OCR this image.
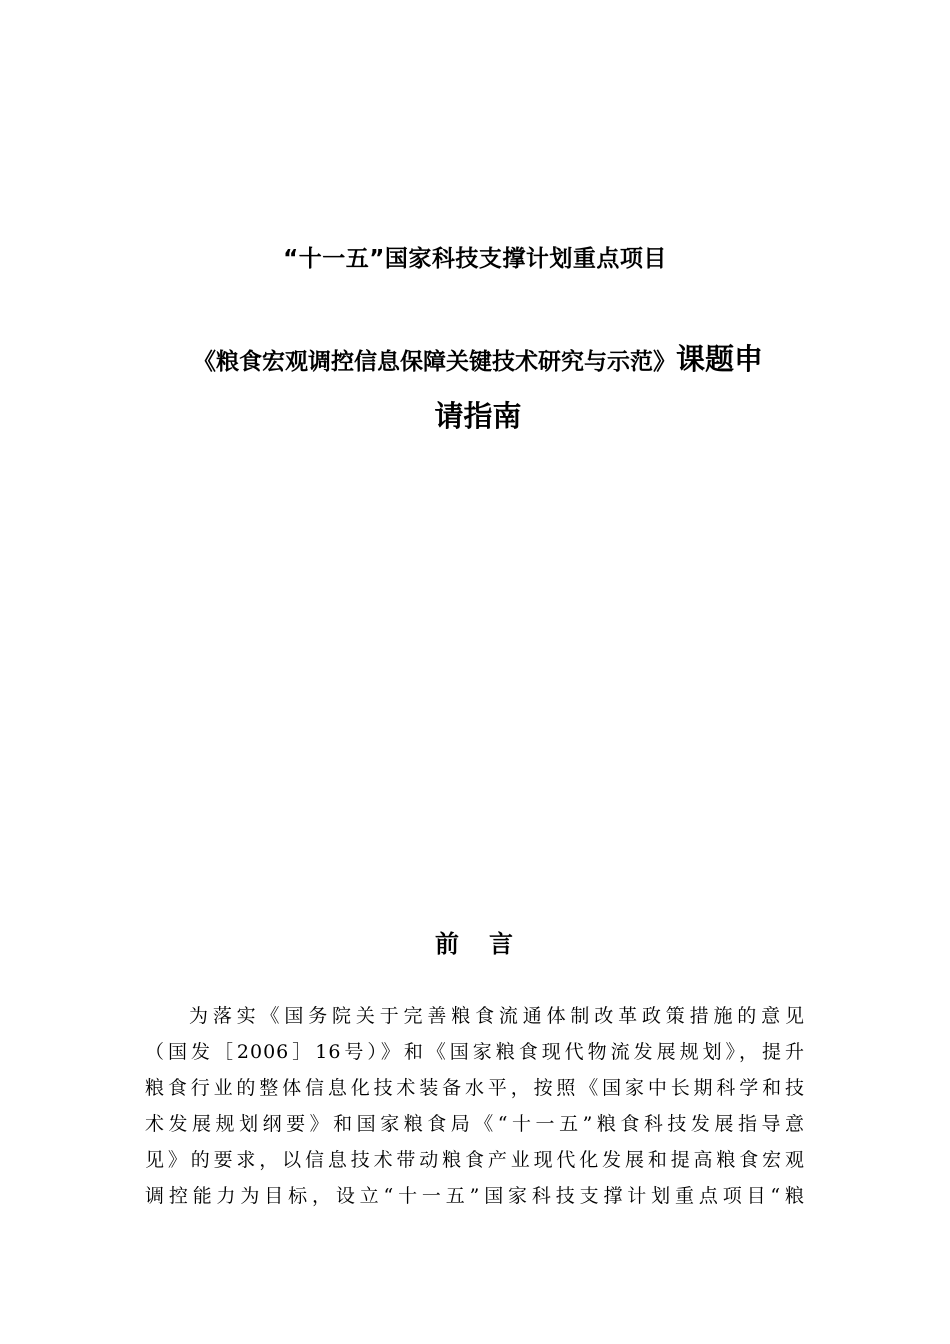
“十一五”国家科技支撑计划重点项目
《粮食宏观调控信息保障关键技术研究与示范》课题申
请指南
前 言
为落实《国务院关于完善粮食流通体制改革政策措施的意见
（国发［2006］16号）》和《国家粮食现代物流发展规划》，提升
粮食行业的整体信息化技术装备水平，按照《国家中长期科学和技
术发展规划纲要》和国家粮食局《“十一五”粮食科技发展指导意
见》的要求，以信息技术带动粮食产业现代化发展和提高粮食宏观
调控能力为目标，设立“十一五”国家科技支撑计划重点项目“粮
